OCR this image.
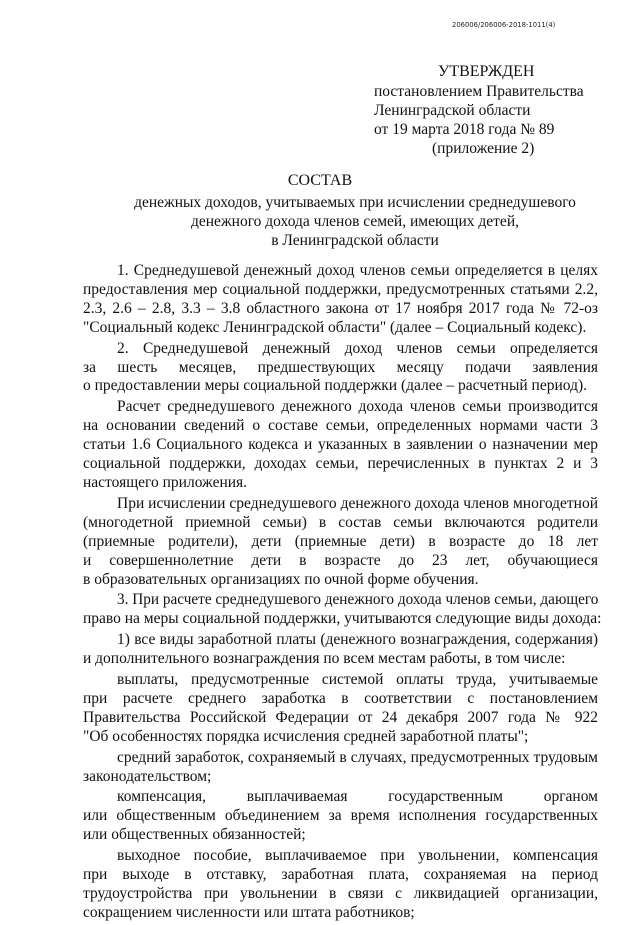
206006/206006-2018-1011(4)
УТВЕРЖДЕН
постановлением Правительства
Ленинградской области
от 19 марта 2018 года № 89
(приложение 2)
СОСТАВ
денежных доходов, учитываемых при исчислении среднедушевого
денежного дохода членов семей, имеющих детей,
в Ленинградской области
1. Среднедушевой денежный доход членов семьи определяется в целях
предоставления мер социальной поддержки, предусмотренных статьями 2.2,
2.3, 2.6 – 2.8, 3.3 – 3.8 областного закона от 17 ноября 2017 года № 72-оз
"Социальный кодекс Ленинградской области" (далее – Социальный кодекс).
2. Среднедушевой денежный доход членов семьи определяется
за шесть месяцев, предшествующих месяцу подачи заявления
о предоставлении меры социальной поддержки (далее – расчетный период).
Расчет среднедушевого денежного дохода членов семьи производится
на основании сведений о составе семьи, определенных нормами части 3
статьи 1.6 Социального кодекса и указанных в заявлении о назначении мер
социальной поддержки, доходах семьи, перечисленных в пунктах 2 и 3
настоящего приложения.
При исчислении среднедушевого денежного дохода членов многодетной
(многодетной приемной семьи) в состав семьи включаются родители
(приемные родители), дети (приемные дети) в возрасте до 18 лет
и совершеннолетние дети в возрасте до 23 лет, обучающиеся
в образовательных организациях по очной форме обучения.
3. При расчете среднедушевого денежного дохода членов семьи, дающего
право на меры социальной поддержки, учитываются следующие виды дохода:
1) все виды заработной платы (денежного вознаграждения, содержания)
и дополнительного вознаграждения по всем местам работы, в том числе:
выплаты, предусмотренные системой оплаты труда, учитываемые
при расчете среднего заработка в соответствии с постановлением
Правительства Российской Федерации от 24 декабря 2007 года № 922
"Об особенностях порядка исчисления средней заработной платы";
средний заработок, сохраняемый в случаях, предусмотренных трудовым
законодательством;
компенсация, выплачиваемая государственным органом
или общественным объединением за время исполнения государственных
или общественных обязанностей;
выходное пособие, выплачиваемое при увольнении, компенсация
при выходе в отставку, заработная плата, сохраняемая на период
трудоустройства при увольнении в связи с ликвидацией организации,
сокращением численности или штата работников;
